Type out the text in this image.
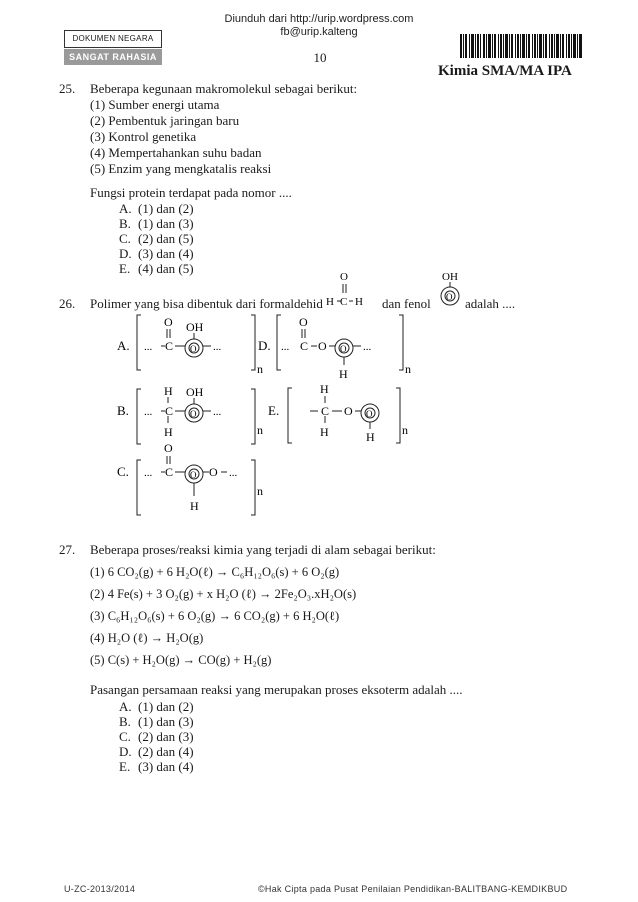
Diunduh dari http://urip.wordpress.com
fb@urip.kalteng
DOKUMEN NEGARA
SANGAT RAHASIA	10
Kimia SMA/MA IPA
25. Beberapa kegunaan makromolekul sebagai berikut:
(1) Sumber energi utama
(2) Pembentuk jaringan baru
(3) Kontrol genetika
(4) Mempertahankan suhu badan
(5) Enzim yang mengkatalis reaksi
Fungsi protein terdapat pada nomor ....
A. (1) dan (2)
B. (1) dan (3)
C. (2) dan (5)
D. (3) dan (4)
E. (4) dan (5)
26. Polimer yang bisa dibentuk dari formaldehid	dan fenol	adalah ....
O
H C H
OH
O
A. ...
O
C
OH
O ...
n
D. ...
O
C O O ...
H	n
B. ...
H
C
H
OH
O ...
n
E.
H
C
H
O O
H n
C. ...
O
C O O ...
H
n
27. Beberapa proses/reaksi kimia yang terjadi di alam sebagai berikut:
(1) 6 CO₂(g) + 6 H₂O(ℓ) → C₆H₁₂O₆(s) + 6 O₂(g)
(2) 4 Fe(s) + 3 O₂(g) + x H₂O (ℓ) → 2Fe₂O₃.xH₂O(s)
(3) C₆H₁₂O₆(s) + 6 O₂(g) → 6 CO₂(g) + 6 H₂O(ℓ)
(4) H₂O (ℓ) → H₂O(g)
(5) C(s) + H₂O(g) → CO(g) + H₂(g)
Pasangan persamaan reaksi yang merupakan proses eksoterm adalah ....
A. (1) dan (2)
B. (1) dan (3)
C. (2) dan (3)
D. (2) dan (4)
E. (3) dan (4)
U-ZC-2013/2014	©Hak Cipta pada Pusat Penilaian Pendidikan-BALITBANG-KEMDIKBUD
